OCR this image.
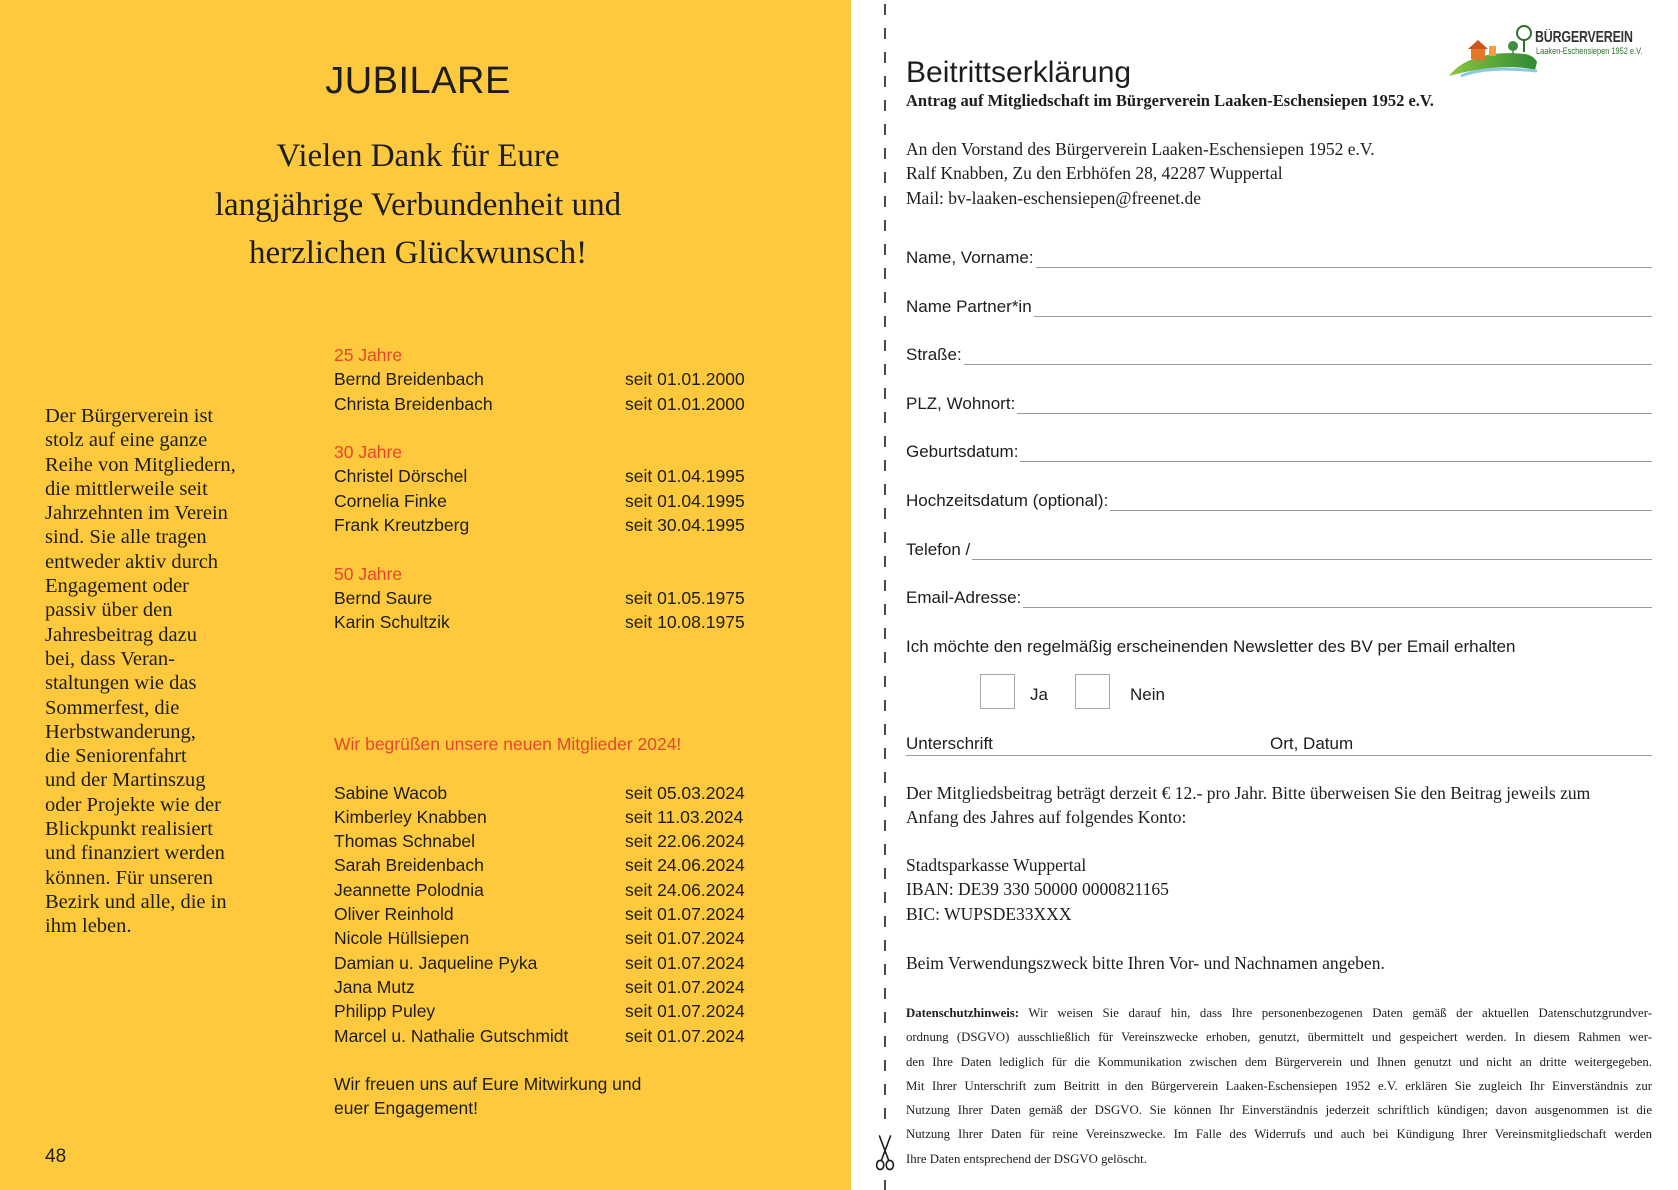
JUBILARE
Vielen Dank für Eure
langjährige Verbundenheit und
herzlichen Glückwunsch!
Der Bürgerverein ist
stolz auf eine ganze
Reihe von Mitgliedern,
die mittlerweile seit
Jahrzehnten im Verein
sind. Sie alle tragen
entweder aktiv durch
Engagement oder
passiv über den
Jahresbeitrag dazu
bei, dass Veran-
staltungen wie das
Sommerfest, die
Herbstwanderung,
die Seniorenfahrt
und der Martinszug
oder Projekte wie der
Blickpunkt realisiert
und finanziert werden
können. Für unseren
Bezirk und alle, die in
ihm leben.
25 Jahre
Bernd Breidenbach	seit 01.01.2000
Christa Breidenbach	seit 01.01.2000
30 Jahre
Christel Dörschel	seit 01.04.1995
Cornelia Finke	seit 01.04.1995
Frank Kreutzberg	seit 30.04.1995
50 Jahre
Bernd Saure	seit 01.05.1975
Karin Schultzik	seit 10.08.1975
Wir begrüßen unsere neuen Mitglieder 2024!
Sabine Wacob	seit 05.03.2024
Kimberley Knabben	seit 11.03.2024
Thomas Schnabel	seit 22.06.2024
Sarah Breidenbach	seit 24.06.2024
Jeannette Polodnia	seit 24.06.2024
Oliver Reinhold	seit 01.07.2024
Nicole Hüllsiepen	seit 01.07.2024
Damian u. Jaqueline Pyka	seit 01.07.2024
Jana Mutz	seit 01.07.2024
Philipp Puley	seit 01.07.2024
Marcel u. Nathalie Gutschmidt	seit 01.07.2024
Wir freuen uns auf Eure Mitwirkung und
euer Engagement!
48
BÜRGERVEREIN
Laaken-Eschensiepen 1952 e.V.
Beitrittserklärung
Antrag auf Mitgliedschaft im Bürgerverein Laaken-Eschensiepen 1952 e.V.
An den Vorstand des Bürgerverein Laaken-Eschensiepen 1952 e.V.
Ralf Knabben, Zu den Erbhöfen 28, 42287 Wuppertal
Mail: bv-laaken-eschensiepen@freenet.de
Name, Vorname:
Name Partner*in
Straße:
PLZ, Wohnort:
Geburtsdatum:
Hochzeitsdatum (optional):
Telefon /
Email-Adresse:
Ich möchte den regelmäßig erscheinenden Newsletter des BV per Email erhalten
Ja	Nein
Unterschrift	Ort, Datum
Der Mitgliedsbeitrag beträgt derzeit € 12.- pro Jahr. Bitte überweisen Sie den Beitrag jeweils zum
Anfang des Jahres auf folgendes Konto:
Stadtsparkasse Wuppertal
IBAN: DE39 330 50000 0000821165
BIC: WUPSDE33XXX
Beim Verwendungszweck bitte Ihren Vor- und Nachnamen angeben.
Datenschutzhinweis: Wir weisen Sie darauf hin, dass Ihre personenbezogenen Daten gemäß der aktuellen Datenschutzgrundver-
ordnung (DSGVO) ausschließlich für Vereinszwecke erhoben, genutzt, übermittelt und gespeichert werden. In diesem Rahmen wer-
den Ihre Daten lediglich für die Kommunikation zwischen dem Bürgerverein und Ihnen genutzt und nicht an dritte weitergegeben.
Mit Ihrer Unterschrift zum Beitritt in den Bürgerverein Laaken-Eschensiepen 1952 e.V. erklären Sie zugleich Ihr Einverständnis zur
Nutzung Ihrer Daten gemäß der DSGVO. Sie können Ihr Einverständnis jederzeit schriftlich kündigen; davon ausgenommen ist die
Nutzung Ihrer Daten für reine Vereinszwecke. Im Falle des Widerrufs und auch bei Kündigung Ihrer Vereinsmitgliedschaft werden
Ihre Daten entsprechend der DSGVO gelöscht.
